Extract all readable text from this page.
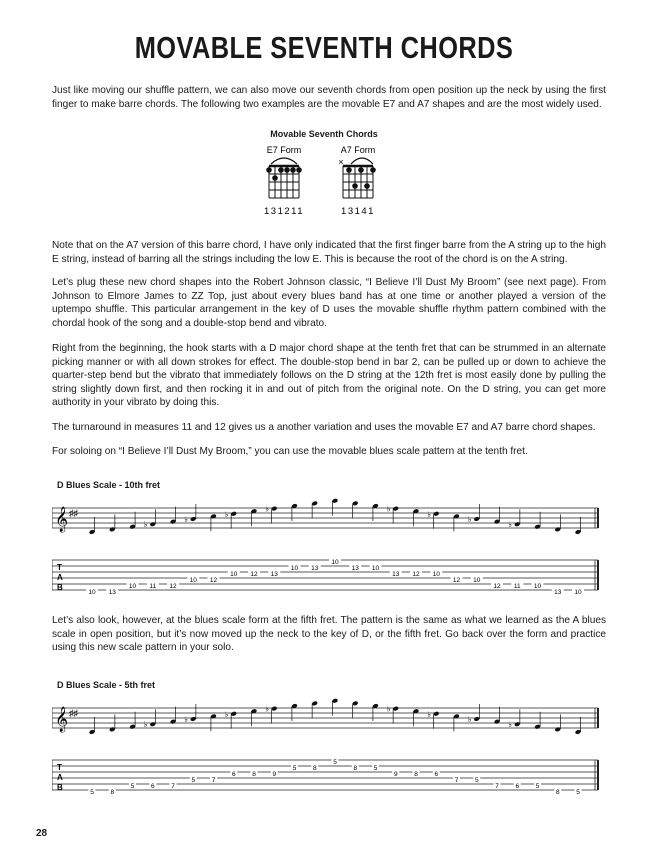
MOVABLE SEVENTH CHORDS
Just like moving our shuffle pattern, we can also move our seventh chords from open position up the neck by using the first finger to make barre chords. The following two examples are the movable E7 and A7 shapes and are the most widely used.
Movable Seventh Chords
E7 Form
131211
A7 Form
×
13141
Note that on the A7 version of this barre chord, I have only indicated that the first finger barre from the A string up to the high E string, instead of barring all the strings including the low E. This is because the root of the chord is on the A string.
Let’s plug these new chord shapes into the Robert Johnson classic, “I Believe I’ll Dust My Broom” (see next page). From Johnson to Elmore James to ZZ Top, just about every blues band has at one time or another played a version of the uptempo shuffle. This particular arrangement in the key of D uses the movable shuffle rhythm pattern combined with the chordal hook of the song and a double-stop bend and vibrato.
Right from the beginning, the hook starts with a D major chord shape at the tenth fret that can be strummed in an alternate picking manner or with all down strokes for effect. The double-stop bend in bar 2, can be pulled up or down to achieve the quarter-step bend but the vibrato that immediately follows on the D string at the 12th fret is most easily done by pulling the string slightly down first, and then rocking it in and out of pitch from the original note. On the D string, you can get more authority in your vibrato by doing this.
The turnaround in measures 11 and 12 gives us a another variation and uses the movable E7 and A7 barre chord shapes.
For soloing on “I Believe I’ll Dust My Broom,” you can use the movable blues scale pattern at the tenth fret.
D Blues Scale - 10th fret
𝄞 ♯♯
10 13
10
♭
11 12
♭
10 12
♭
10 12
♭
13
10 13
10
13 10
♭
13 12
♭
10
12
♭
10
12
♭
11 10
13 10
T
A
B
Let’s also look, however, at the blues scale form at the fifth fret. The pattern is the same as what we learned as the A blues scale in open position, but it’s now moved up the neck to the key of D, or the fifth fret. Go back over the form and practice using this new scale pattern in your solo.
D Blues Scale - 5th fret
𝄞 ♯♯
5	8
5
♭
6	7
♭
5	7
♭
6	8
♭
9
5	8
5
8	5
♭
9	8
♭
6
7
♭
5
7
♭
6	5
8	5
T
A
B
28
